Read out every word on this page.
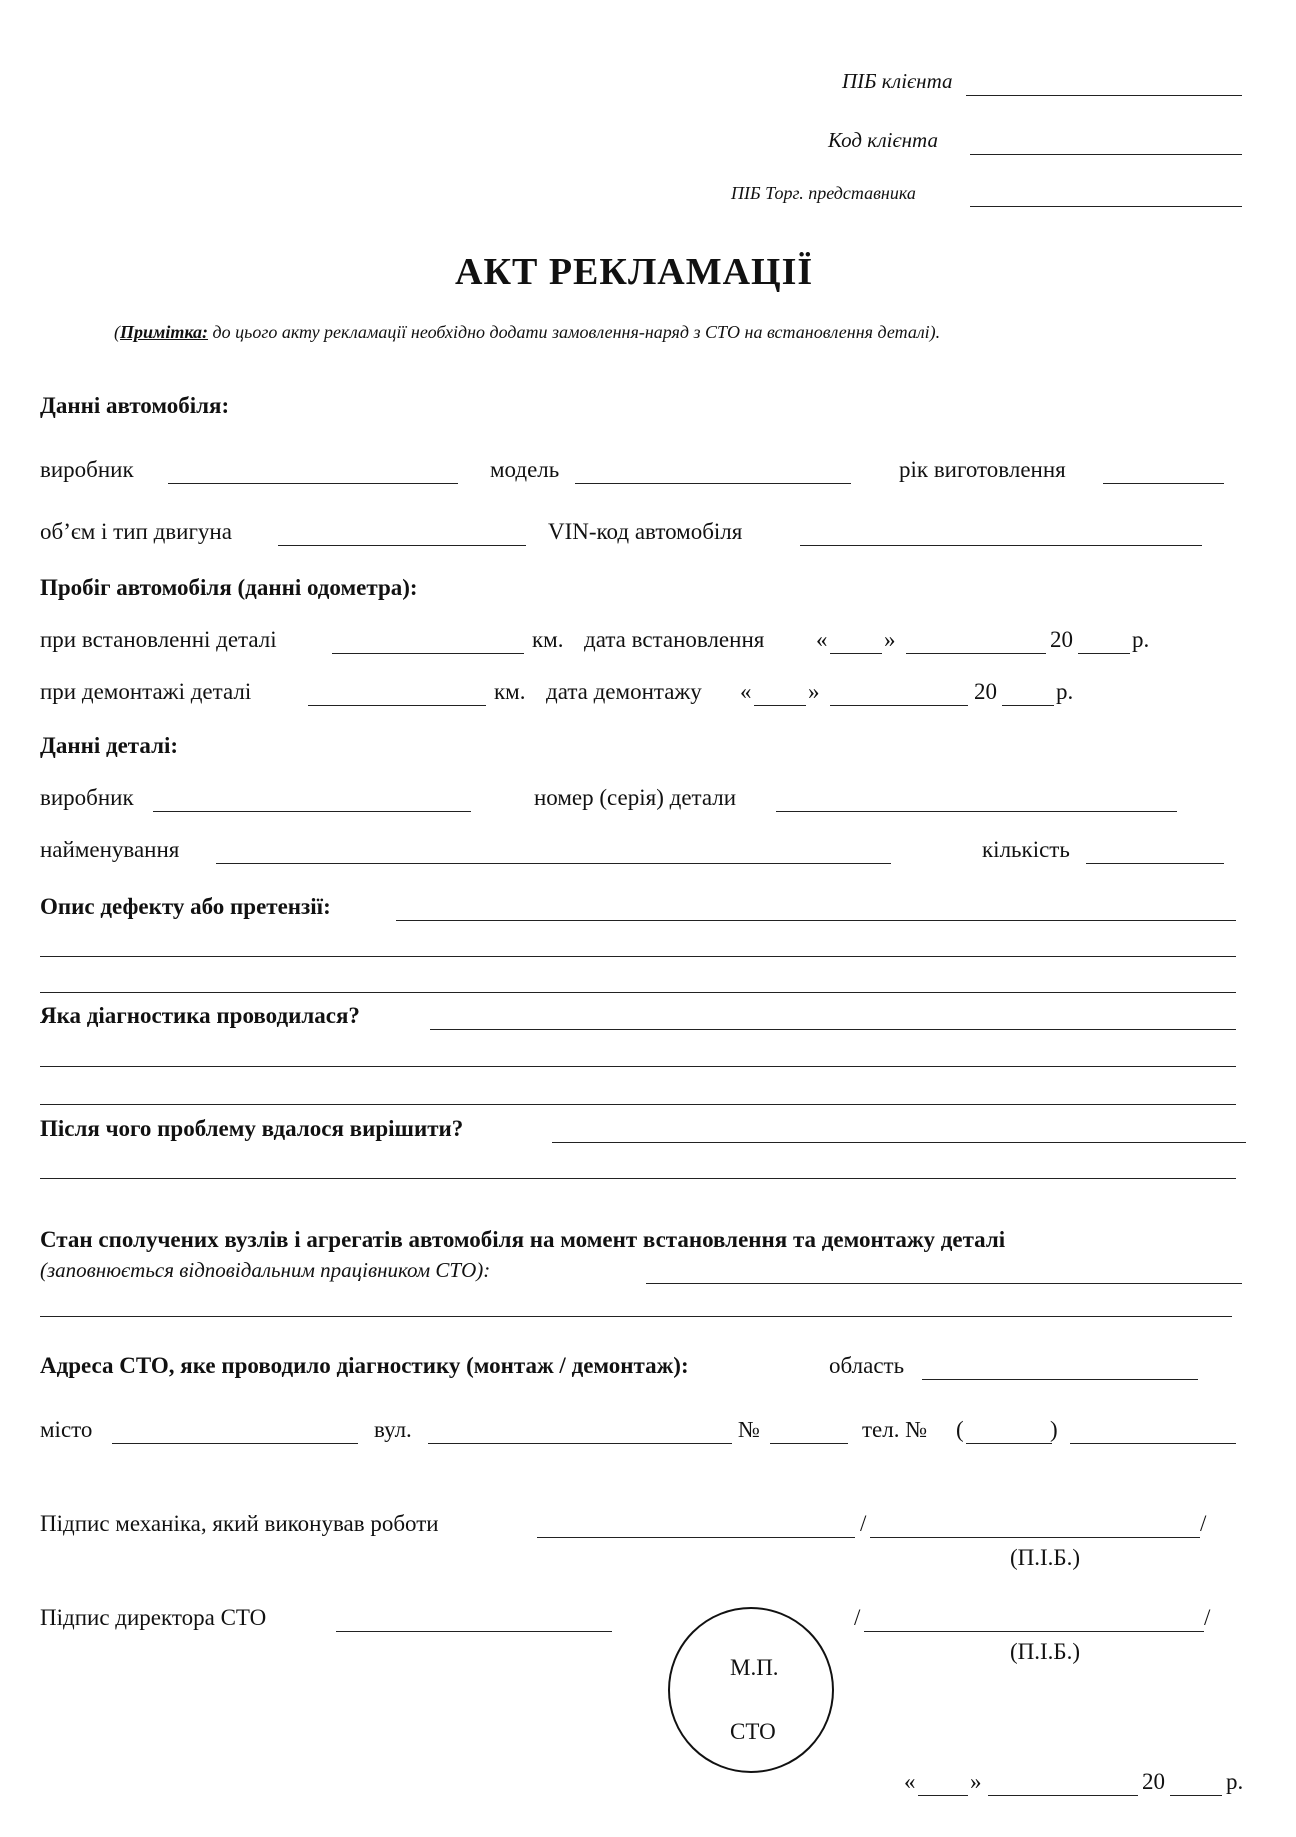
ПІБ клієнта
Код клієнта
ПІБ Торг. представника
АКТ РЕКЛАМАЦІЇ
(Примітка: до цього акту рекламації необхідно додати замовлення-наряд з СТО на встановлення деталі).
Данні автомобіля:
виробник	модель	рік виготовлення
об’єм і тип двигуна	VIN-код автомобіля
Пробіг автомобіля (данні одометра):
при встановленні деталі	км. дата встановлення « »	20	р.
при демонтажі деталі	км. дата демонтажу « »	20	р.
Данні деталі:
виробник	номер (серія) детали
найменування	кількість
Опис дефекту або претензії:
Яка діагностика проводилася?
Після чого проблему вдалося вирішити?
Стан сполучених вузлів і агрегатів автомобіля на момент встановлення та демонтажу деталі
(заповнюється відповідальним працівником СТО):
Адреса СТО, яке проводило діагностику (монтаж / демонтаж):	область
місто	вул.	№	тел. № (	)
Підпис механіка, який виконував роботи	/	/
(П.І.Б.)
Підпис директора СТО	/	/
(П.І.Б.)
М.П.
СТО
« »	20	р.
